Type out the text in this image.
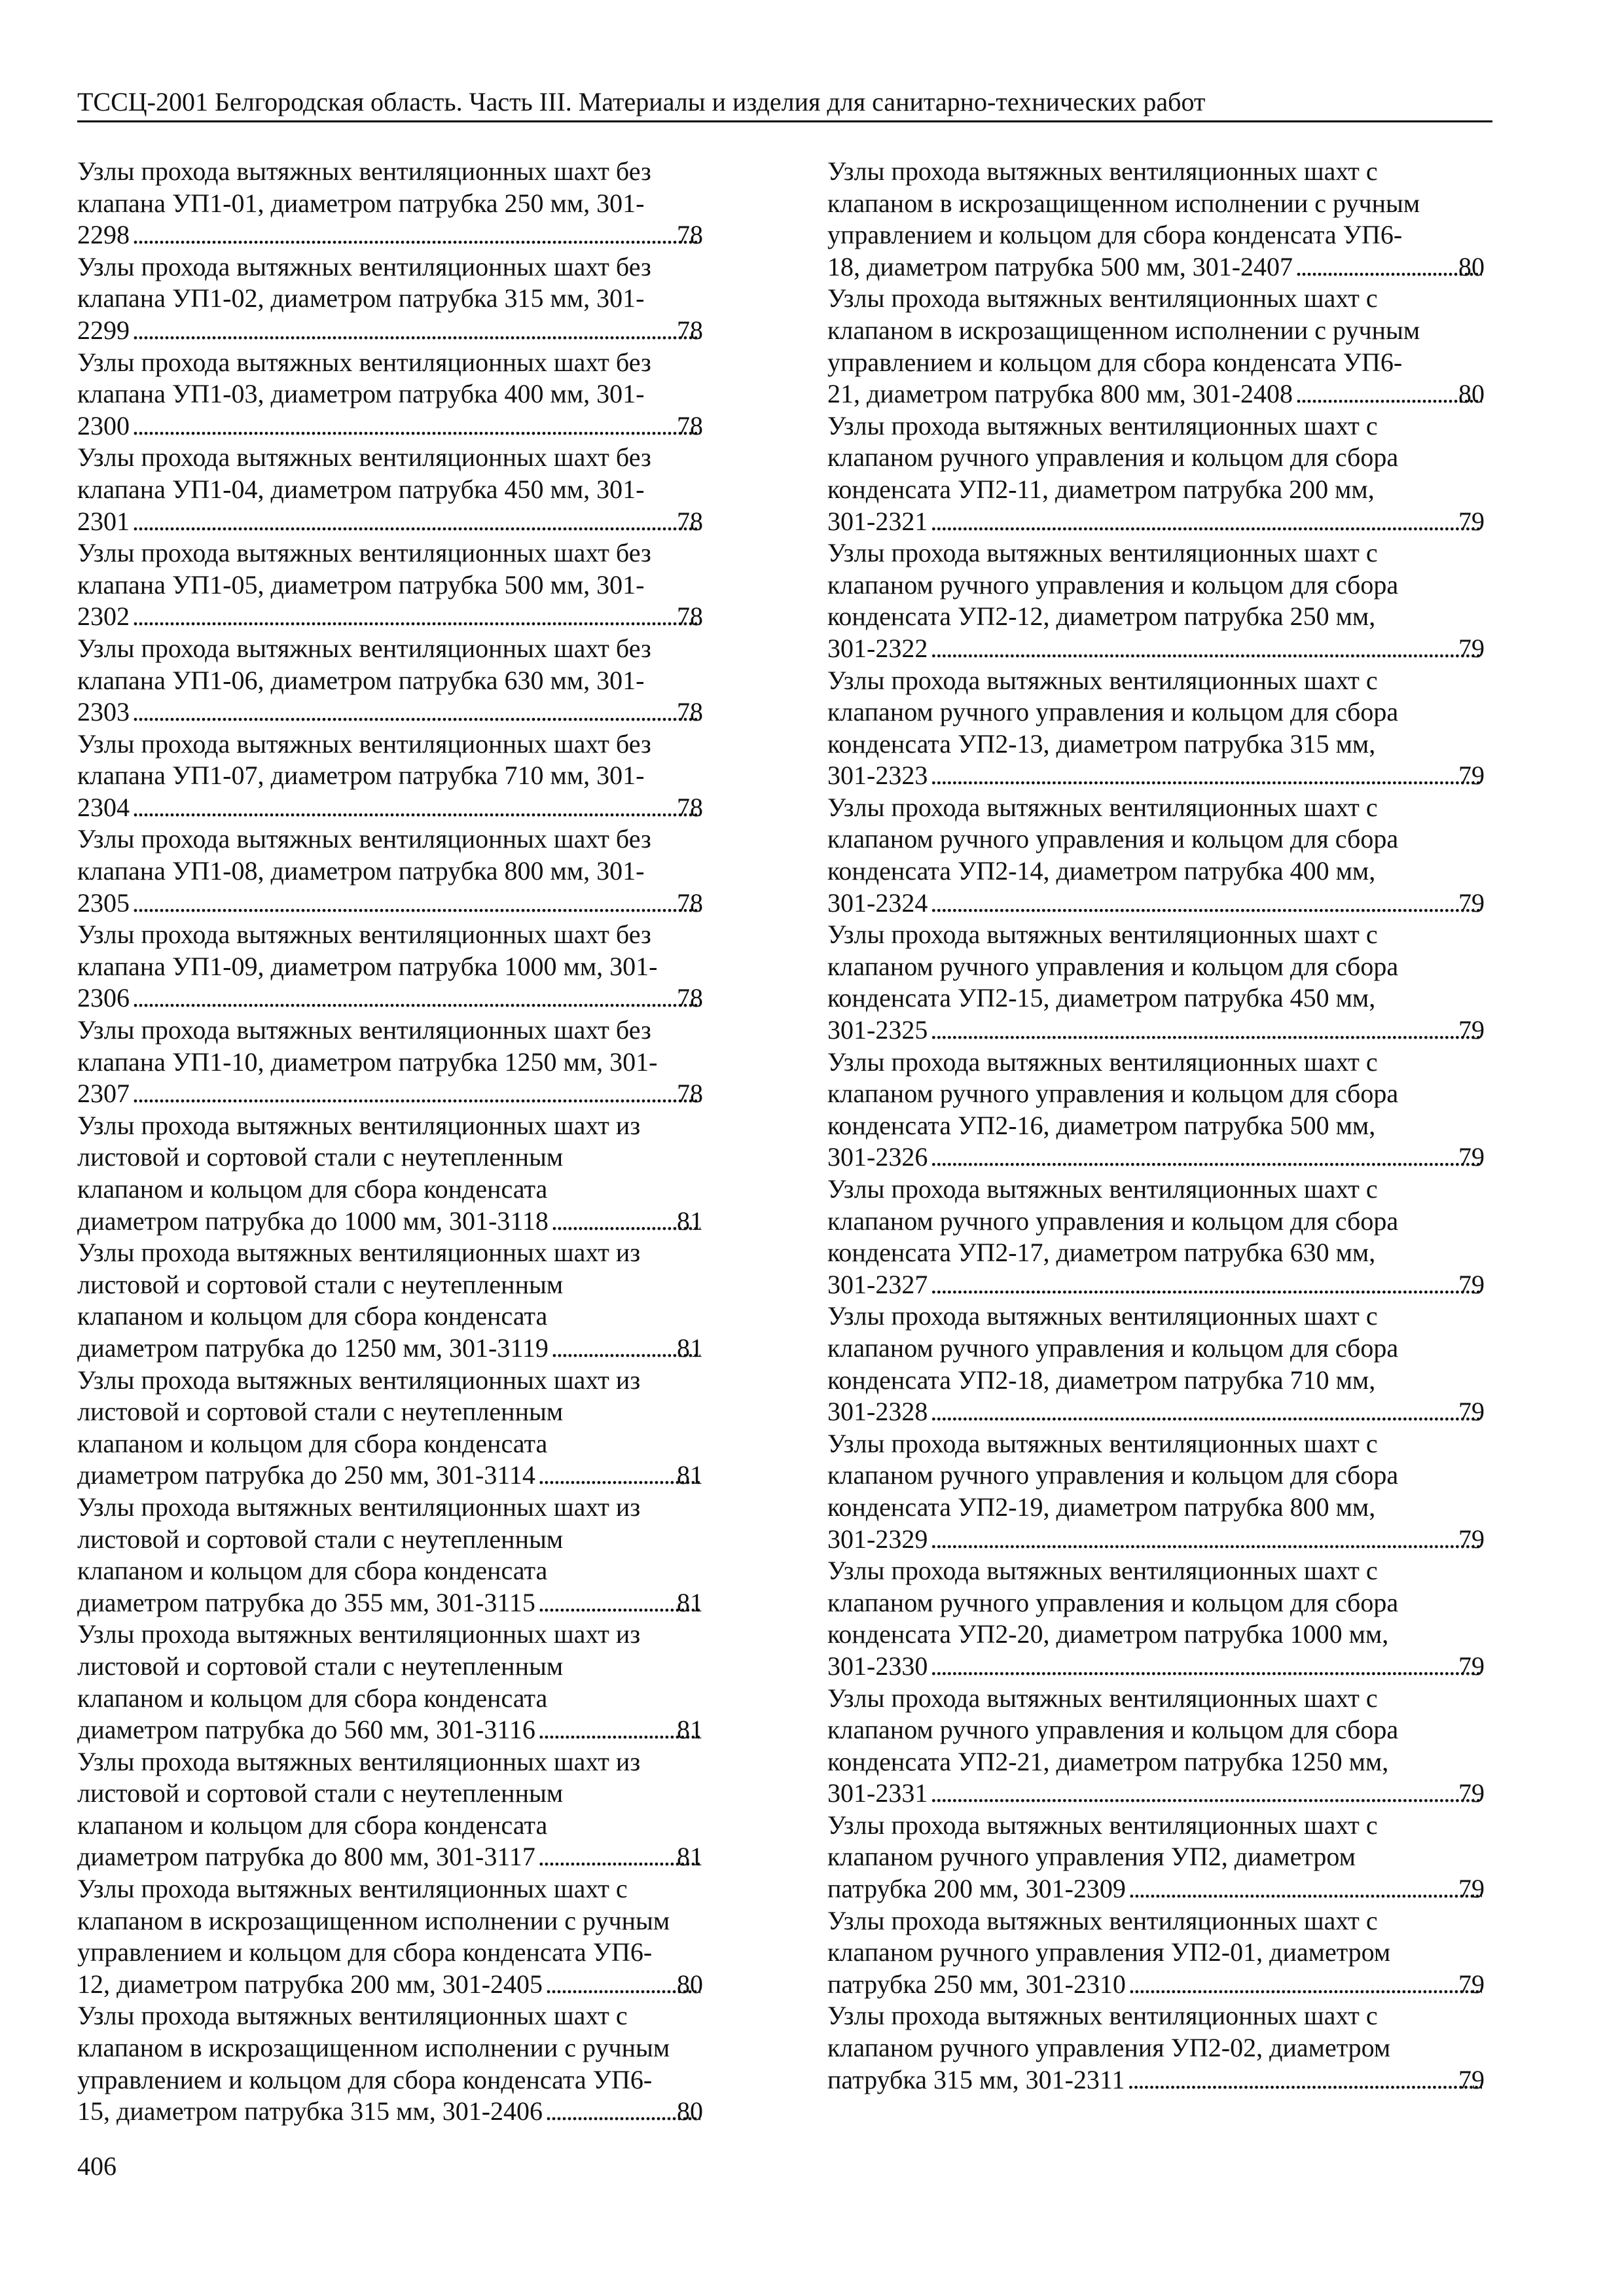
ТССЦ-2001 Белгородская область. Часть III. Материалы и изделия для санитарно-технических работ
Узлы прохода вытяжных вентиляционных шахт без
клапана УП1-01, диаметром патрубка 250 мм, 301-
2298 . . .	78
Узлы прохода вытяжных вентиляционных шахт без
клапана УП1-02, диаметром патрубка 315 мм, 301-
2299 . . .	78
Узлы прохода вытяжных вентиляционных шахт без
клапана УП1-03, диаметром патрубка 400 мм, 301-
2300 . . .	78
Узлы прохода вытяжных вентиляционных шахт без
клапана УП1-04, диаметром патрубка 450 мм, 301-
2301 . . .	78
Узлы прохода вытяжных вентиляционных шахт без
клапана УП1-05, диаметром патрубка 500 мм, 301-
2302 . . .	78
Узлы прохода вытяжных вентиляционных шахт без
клапана УП1-06, диаметром патрубка 630 мм, 301-
2303 . . .	78
Узлы прохода вытяжных вентиляционных шахт без
клапана УП1-07, диаметром патрубка 710 мм, 301-
2304 . . .	78
Узлы прохода вытяжных вентиляционных шахт без
клапана УП1-08, диаметром патрубка 800 мм, 301-
2305 . . .	78
Узлы прохода вытяжных вентиляционных шахт без
клапана УП1-09, диаметром патрубка 1000 мм, 301-
2306 . . .	78
Узлы прохода вытяжных вентиляционных шахт без
клапана УП1-10, диаметром патрубка 1250 мм, 301-
2307 . . .	78
Узлы прохода вытяжных вентиляционных шахт из
листовой и сортовой стали с неутепленным
клапаном и кольцом для сбора конденсата
диаметром патрубка до 1000 мм, 301-3118 . . .	81
Узлы прохода вытяжных вентиляционных шахт из
листовой и сортовой стали с неутепленным
клапаном и кольцом для сбора конденсата
диаметром патрубка до 1250 мм, 301-3119 . . .	81
Узлы прохода вытяжных вентиляционных шахт из
листовой и сортовой стали с неутепленным
клапаном и кольцом для сбора конденсата
диаметром патрубка до 250 мм, 301-3114 . . .	81
Узлы прохода вытяжных вентиляционных шахт из
листовой и сортовой стали с неутепленным
клапаном и кольцом для сбора конденсата
диаметром патрубка до 355 мм, 301-3115 . . .	81
Узлы прохода вытяжных вентиляционных шахт из
листовой и сортовой стали с неутепленным
клапаном и кольцом для сбора конденсата
диаметром патрубка до 560 мм, 301-3116 . . .	81
Узлы прохода вытяжных вентиляционных шахт из
листовой и сортовой стали с неутепленным
клапаном и кольцом для сбора конденсата
диаметром патрубка до 800 мм, 301-3117 . . .	81
Узлы прохода вытяжных вентиляционных шахт с
клапаном в искрозащищенном исполнении с ручным
управлением и кольцом для сбора конденсата УП6-
12, диаметром патрубка 200 мм, 301-2405 . . .	80
Узлы прохода вытяжных вентиляционных шахт с
клапаном в искрозащищенном исполнении с ручным
управлением и кольцом для сбора конденсата УП6-
15, диаметром патрубка 315 мм, 301-2406 . . .	80
Узлы прохода вытяжных вентиляционных шахт с
клапаном в искрозащищенном исполнении с ручным
управлением и кольцом для сбора конденсата УП6-
18, диаметром патрубка 500 мм, 301-2407 . . .	80
Узлы прохода вытяжных вентиляционных шахт с
клапаном в искрозащищенном исполнении с ручным
управлением и кольцом для сбора конденсата УП6-
21, диаметром патрубка 800 мм, 301-2408 . . .	80
Узлы прохода вытяжных вентиляционных шахт с
клапаном ручного управления и кольцом для сбора
конденсата УП2-11, диаметром патрубка 200 мм,
301-2321 . . .	79
Узлы прохода вытяжных вентиляционных шахт с
клапаном ручного управления и кольцом для сбора
конденсата УП2-12, диаметром патрубка 250 мм,
301-2322 . . .	79
Узлы прохода вытяжных вентиляционных шахт с
клапаном ручного управления и кольцом для сбора
конденсата УП2-13, диаметром патрубка 315 мм,
301-2323 . . .	79
Узлы прохода вытяжных вентиляционных шахт с
клапаном ручного управления и кольцом для сбора
конденсата УП2-14, диаметром патрубка 400 мм,
301-2324 . . .	79
Узлы прохода вытяжных вентиляционных шахт с
клапаном ручного управления и кольцом для сбора
конденсата УП2-15, диаметром патрубка 450 мм,
301-2325 . . .	79
Узлы прохода вытяжных вентиляционных шахт с
клапаном ручного управления и кольцом для сбора
конденсата УП2-16, диаметром патрубка 500 мм,
301-2326 . . .	79
Узлы прохода вытяжных вентиляционных шахт с
клапаном ручного управления и кольцом для сбора
конденсата УП2-17, диаметром патрубка 630 мм,
301-2327 . . .	79
Узлы прохода вытяжных вентиляционных шахт с
клапаном ручного управления и кольцом для сбора
конденсата УП2-18, диаметром патрубка 710 мм,
301-2328 . . .	79
Узлы прохода вытяжных вентиляционных шахт с
клапаном ручного управления и кольцом для сбора
конденсата УП2-19, диаметром патрубка 800 мм,
301-2329 . . .	79
Узлы прохода вытяжных вентиляционных шахт с
клапаном ручного управления и кольцом для сбора
конденсата УП2-20, диаметром патрубка 1000 мм,
301-2330 . . .	79
Узлы прохода вытяжных вентиляционных шахт с
клапаном ручного управления и кольцом для сбора
конденсата УП2-21, диаметром патрубка 1250 мм,
301-2331 . . .	79
Узлы прохода вытяжных вентиляционных шахт с
клапаном ручного управления УП2, диаметром
патрубка 200 мм, 301-2309 . . .	79
Узлы прохода вытяжных вентиляционных шахт с
клапаном ручного управления УП2-01, диаметром
патрубка 250 мм, 301-2310 . . .	79
Узлы прохода вытяжных вентиляционных шахт с
клапаном ручного управления УП2-02, диаметром
патрубка 315 мм, 301-2311 . . .	79
406
